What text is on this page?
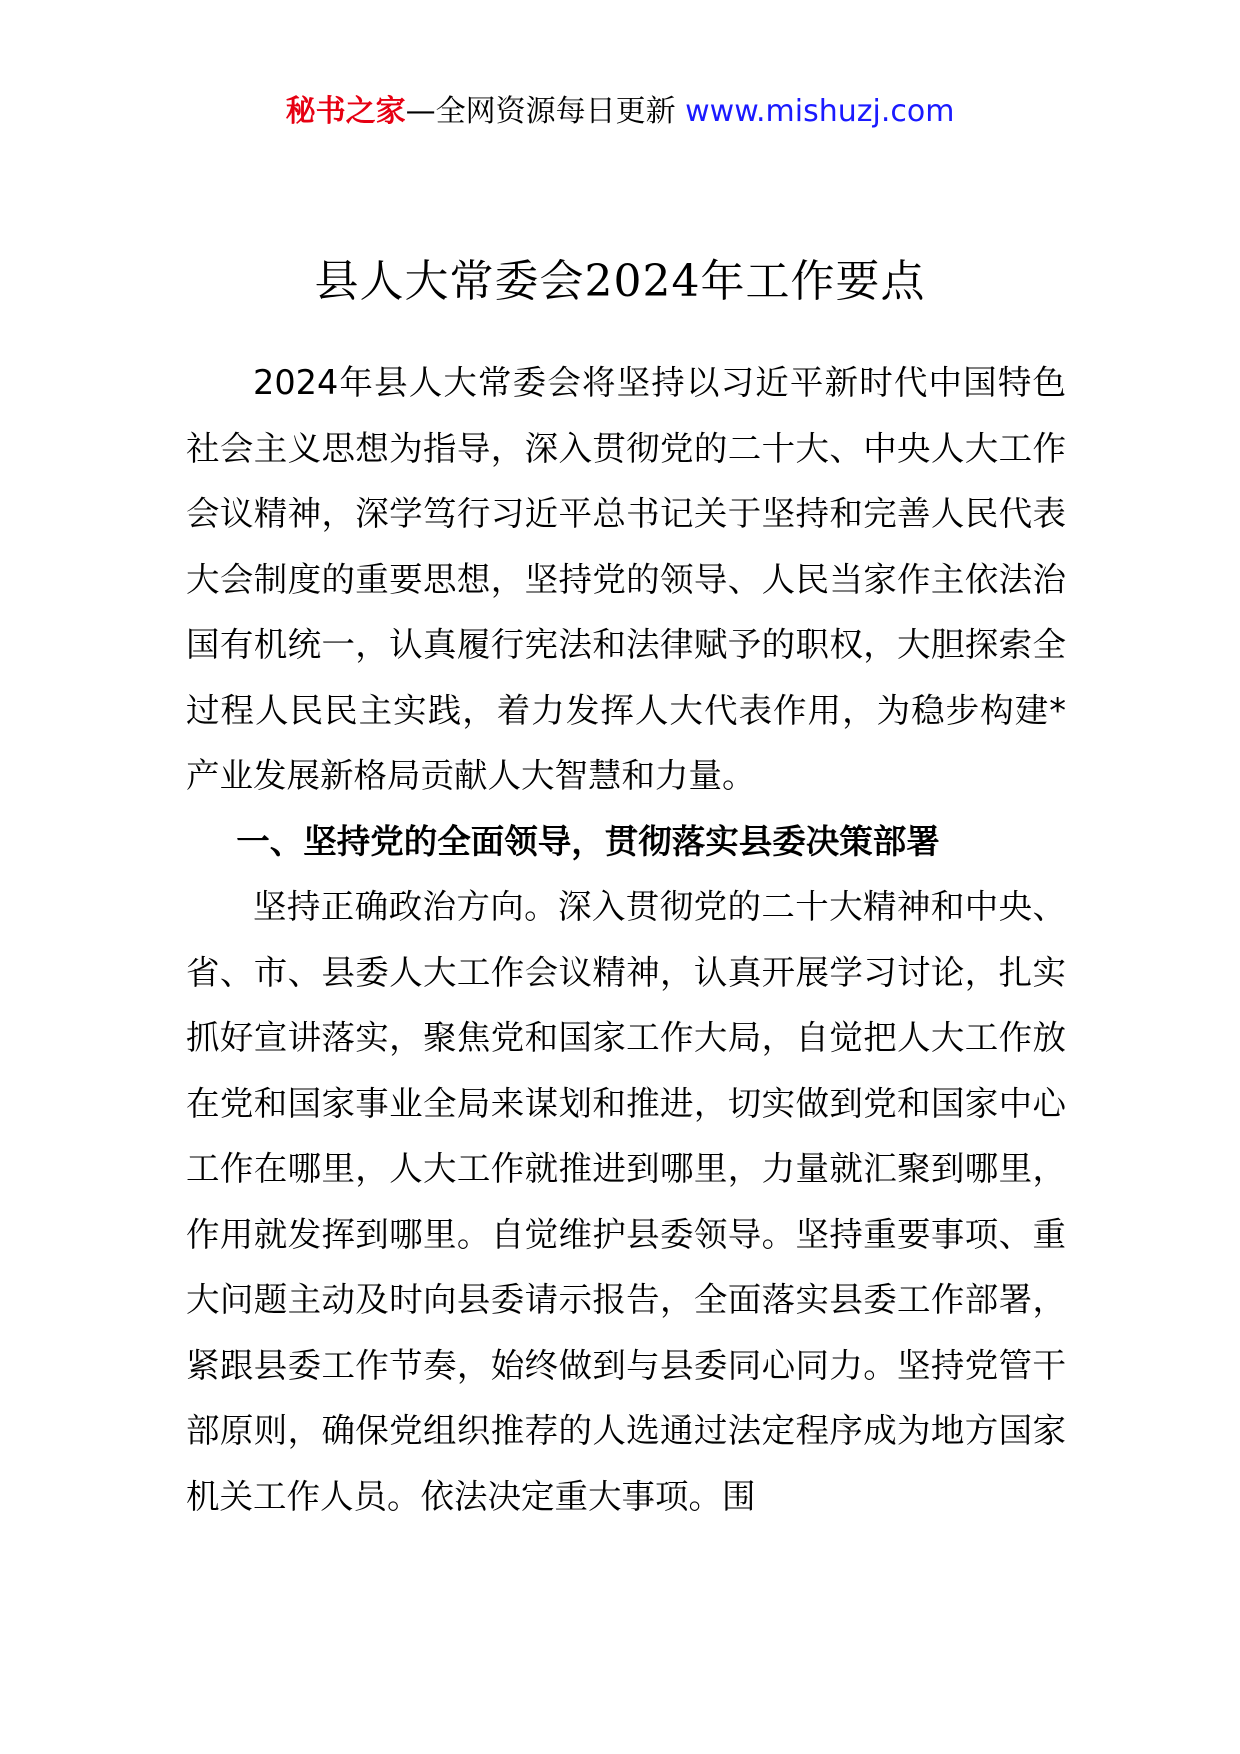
秘书之家—全网资源每日更新 www.mishuzj.com
县人大常委会2024年工作要点

2024年县人大常委会将坚持以习近平新时代中国特色社会主义思想为指导，深入贯彻党的二十大、中央人大工作会议精神，深学笃行习近平总书记关于坚持和完善人民代表大会制度的重要思想，坚持党的领导、人民当家作主依法治国有机统一，认真履行宪法和法律赋予的职权，大胆探索全过程人民民主实践，着力发挥人大代表作用，为稳步构建*产业发展新格局贡献人大智慧和力量。

一、坚持党的全面领导，贯彻落实县委决策部署

坚持正确政治方向。深入贯彻党的二十大精神和中央、省、市、县委人大工作会议精神，认真开展学习讨论，扎实抓好宣讲落实，聚焦党和国家工作大局，自觉把人大工作放在党和国家事业全局来谋划和推进，切实做到党和国家中心工作在哪里，人大工作就推进到哪里，力量就汇聚到哪里，作用就发挥到哪里。自觉维护县委领导。坚持重要事项、重大问题主动及时向县委请示报告，全面落实县委工作部署，紧跟县委工作节奏，始终做到与县委同心同力。坚持党管干部原则，确保党组织推荐的人选通过法定程序成为地方国家机关工作人员。依法决定重大事项。围
